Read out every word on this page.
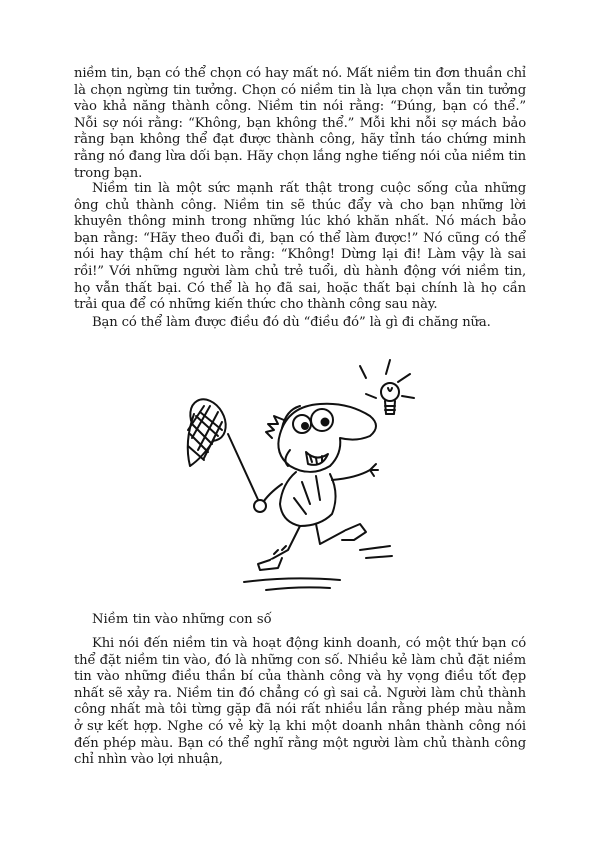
niềm tin, bạn có thể chọn có hay mất nó. Mất niềm tin đơn thuần chỉ là chọn ngừng tin tưởng. Chọn có niềm tin là lựa chọn vẫn tin tưởng vào khả năng thành công. Niềm tin nói rằng: “Đúng, bạn có thể.” Nỗi sợ nói rằng: “Không, bạn không thể.” Mỗi khi nỗi sợ mách bảo rằng bạn không thể đạt được thành công, hãy tỉnh táo chứng minh rằng nó đang lừa dối bạn. Hãy chọn lắng nghe tiếng nói của niềm tin trong bạn.

Niềm tin là một sức mạnh rất thật trong cuộc sống của những ông chủ thành công. Niềm tin sẽ thúc đẩy và cho bạn những lời khuyên thông minh trong những lúc khó khăn nhất. Nó mách bảo bạn rằng: “Hãy theo đuổi đi, bạn có thể làm được!” Nó cũng có thể nói hay thậm chí hét to rằng: “Không! Dừng lại đi! Làm vậy là sai rồi!” Với những người làm chủ trẻ tuổi, dù hành động với niềm tin, họ vẫn thất bại. Có thể là họ đã sai, hoặc thất bại chính là họ cần trải qua để có những kiến thức cho thành công sau này.

Bạn có thể làm được điều đó dù “điều đó” là gì đi chăng nữa.

Niềm tin vào những con số

Khi nói đến niềm tin và hoạt động kinh doanh, có một thứ bạn có thể đặt niềm tin vào, đó là những con số. Nhiều kẻ làm chủ đặt niềm tin vào những điều thần bí của thành công và hy vọng điều tốt đẹp nhất sẽ xảy ra. Niềm tin đó chẳng có gì sai cả. Người làm chủ thành công nhất mà tôi từng gặp đã nói rất nhiều lần rằng phép màu nằm ở sự kết hợp. Nghe có vẻ kỳ lạ khi một doanh nhân thành công nói đến phép màu. Bạn có thể nghĩ rằng một người làm chủ thành công chỉ nhìn vào lợi nhuận,
